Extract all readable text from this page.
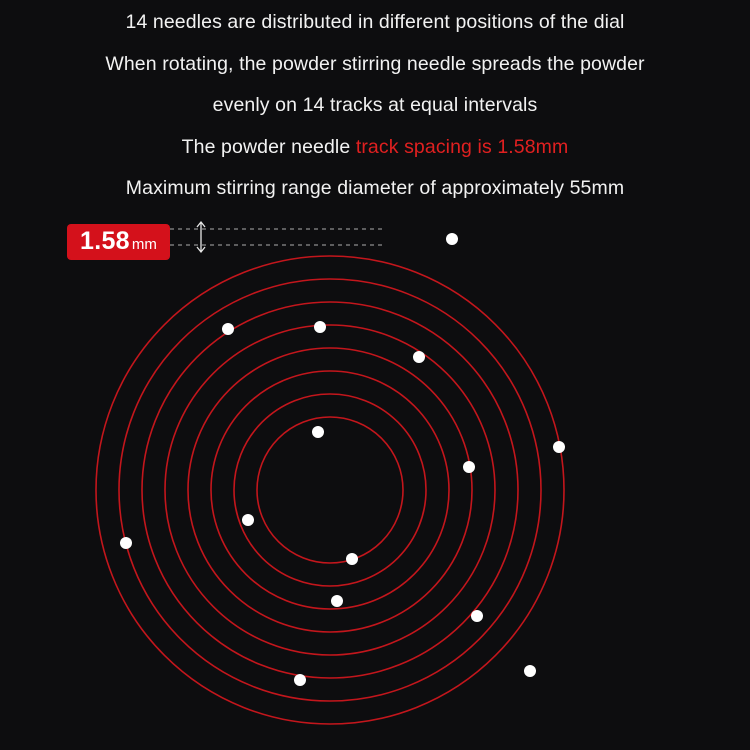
14 needles are distributed in different positions of the dial
When rotating, the powder stirring needle spreads the powder
evenly on 14 tracks at equal intervals
The powder needle track spacing is 1.58mm
Maximum stirring range diameter of approximately 55mm
1.58 mm
